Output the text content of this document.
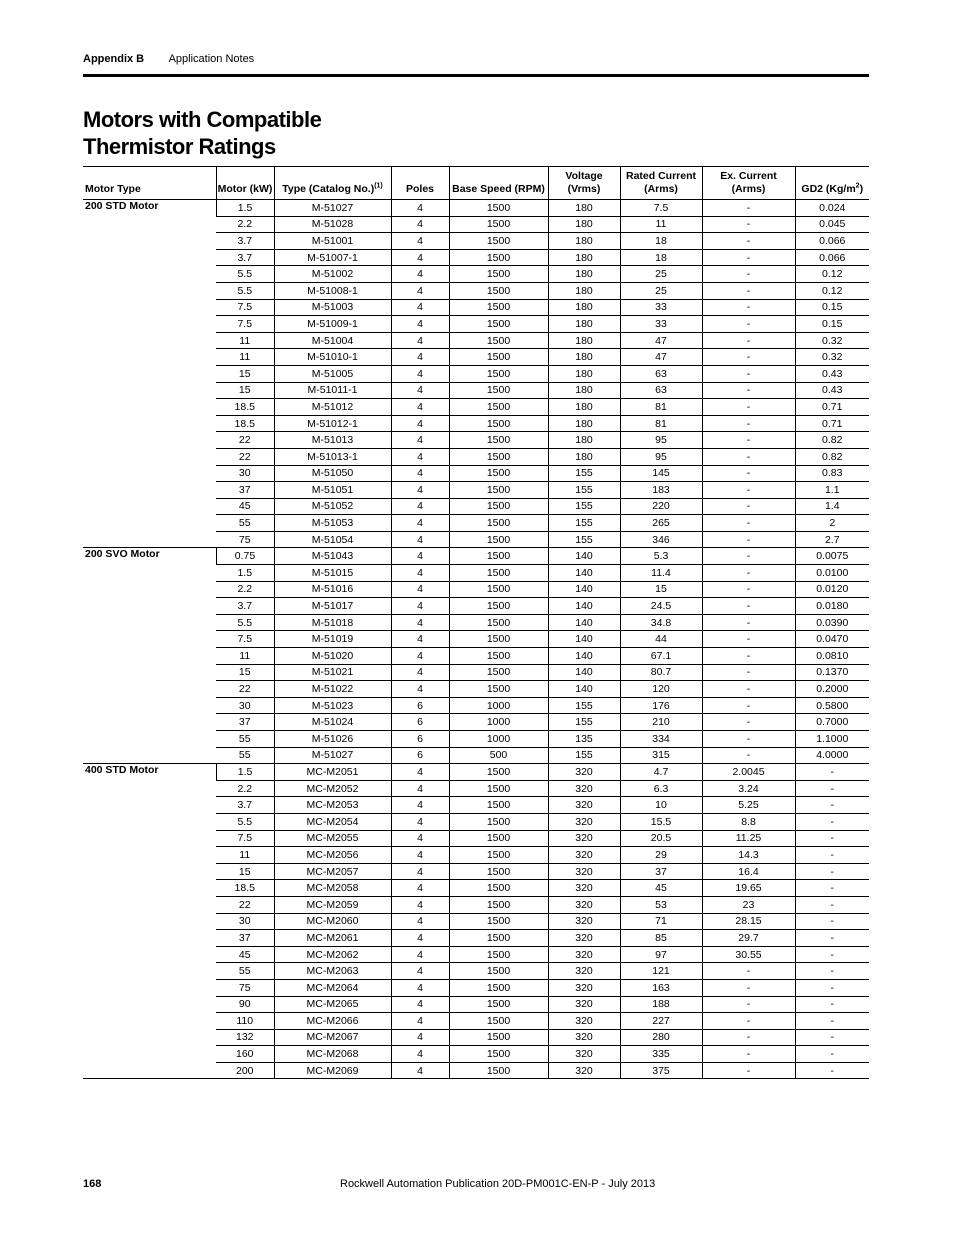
Appendix B Application Notes
Motors with Compatible
Thermistor Ratings
Motor Type	Motor (kW)	Type (Catalog No.)$^{(1)}$	Poles	Base Speed (RPM)	Voltage (Vrms)	Rated Current (Arms)	Ex. Current (Arms)	GD2 $(Kg/m^2)$
200 STD Motor	1.5	M-51027	4	1500	180	7.5	-	0.024
	2.2	M-51028	4	1500	180	11	-	0.045
	3.7	M-51001	4	1500	180	18	-	0.066
	3.7	M-51007-1	4	1500	180	18	-	0.066
	5.5	M-51002	4	1500	180	25	-	0.12
	5.5	M-51008-1	4	1500	180	25	-	0.12
	7.5	M-51003	4	1500	180	33	-	0.15
	7.5	M-51009-1	4	1500	180	33	-	0.15
	11	M-51004	4	1500	180	47	-	0.32
	11	M-51010-1	4	1500	180	47	-	0.32
	15	M-51005	4	1500	180	63	-	0.43
	15	M-51011-1	4	1500	180	63	-	0.43
	18.5	M-51012	4	1500	180	81	-	0.71
	18.5	M-51012-1	4	1500	180	81	-	0.71
	22	M-51013	4	1500	180	95	-	0.82
	22	M-51013-1	4	1500	180	95	-	0.82
	30	M-51050	4	1500	155	145	-	0.83
	37	M-51051	4	1500	155	183	-	1.1
	45	M-51052	4	1500	155	220	-	1.4
	55	M-51053	4	1500	155	265	-	2
	75	M-51054	4	1500	155	346	-	2.7
200 SVO Motor	0.75	M-51043	4	1500	140	5.3	-	0.0075
	1.5	M-51015	4	1500	140	11.4	-	0.0100
	2.2	M-51016	4	1500	140	15	-	0.0120
	3.7	M-51017	4	1500	140	24.5	-	0.0180
	5.5	M-51018	4	1500	140	34.8	-	0.0390
	7.5	M-51019	4	1500	140	44	-	0.0470
	11	M-51020	4	1500	140	67.1	-	0.0810
	15	M-51021	4	1500	140	80.7	-	0.1370
	22	M-51022	4	1500	140	120	-	0.2000
	30	M-51023	6	1000	155	176	-	0.5800
	37	M-51024	6	1000	155	210	-	0.7000
	55	M-51026	6	1000	135	334	-	1.1000
	55	M-51027	6	500	155	315	-	4.0000
400 STD Motor	1.5	MC-M2051	4	1500	320	4.7	2.0045	-
	2.2	MC-M2052	4	1500	320	6.3	3.24	-
	3.7	MC-M2053	4	1500	320	10	5.25	-
	5.5	MC-M2054	4	1500	320	15.5	8.8	-
	7.5	MC-M2055	4	1500	320	20.5	11.25	-
	11	MC-M2056	4	1500	320	29	14.3	-
	15	MC-M2057	4	1500	320	37	16.4	-
	18.5	MC-M2058	4	1500	320	45	19.65	-
	22	MC-M2059	4	1500	320	53	23	-
	30	MC-M2060	4	1500	320	71	28.15	-
	37	MC-M2061	4	1500	320	85	29.7	-
	45	MC-M2062	4	1500	320	97	30.55	-
	55	MC-M2063	4	1500	320	121	-	-
	75	MC-M2064	4	1500	320	163	-	-
	90	MC-M2065	4	1500	320	188	-	-
	110	MC-M2066	4	1500	320	227	-	-
	132	MC-M2067	4	1500	320	280	-	-
	160	MC-M2068	4	1500	320	335	-	-
	200	MC-M2069	4	1500	320	375	-	-
168	Rockwell Automation Publication 20D-PM001C-EN-P - July 2013
